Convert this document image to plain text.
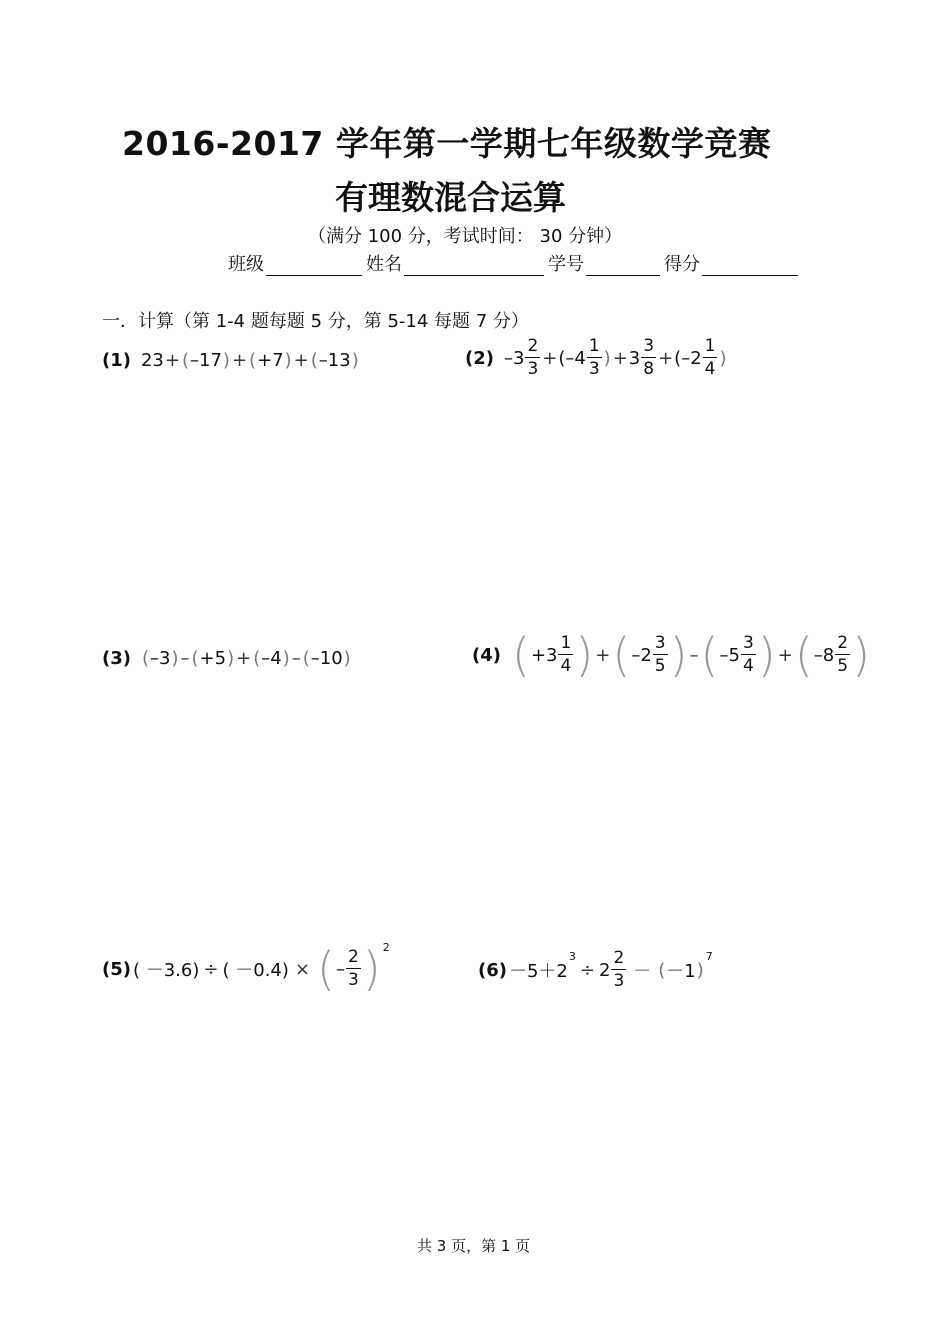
2016-2017 学年第一学期七年级数学竞赛
有理数混合运算
（满分 100 分，考试时间： 30 分钟）
班级	姓名	学号	得分
一．计算（第 1-4 题每题 5 分，第 5-14 每题 7 分）
(1) 23 + ( –17 ) + ( +7 ) + ( –13 )	(2) $-3 \frac{2}{3} + (-4 \frac{1}{3}$ ) + $3 \frac{3}{8} + (-2 \frac{1}{4}$ )
(3) ( –3 ) – ( +5 ) + ( –4 ) – ( –10 )	(4) ( $+3 \frac{1}{4}$ ) + ( $-2 \frac{3}{5}$ ) – ( $-5 \frac{3}{4}$ ) + ( $-8 \frac{2}{5}$ )
(5) ( －3.6) ÷ ( －0.4) × ( – $\frac{2}{3}$ ) 2
(6) －5＋2
3
÷ $2 \frac{2}{3}$ － ( －1 )
7
共 3 页，第 1 页
